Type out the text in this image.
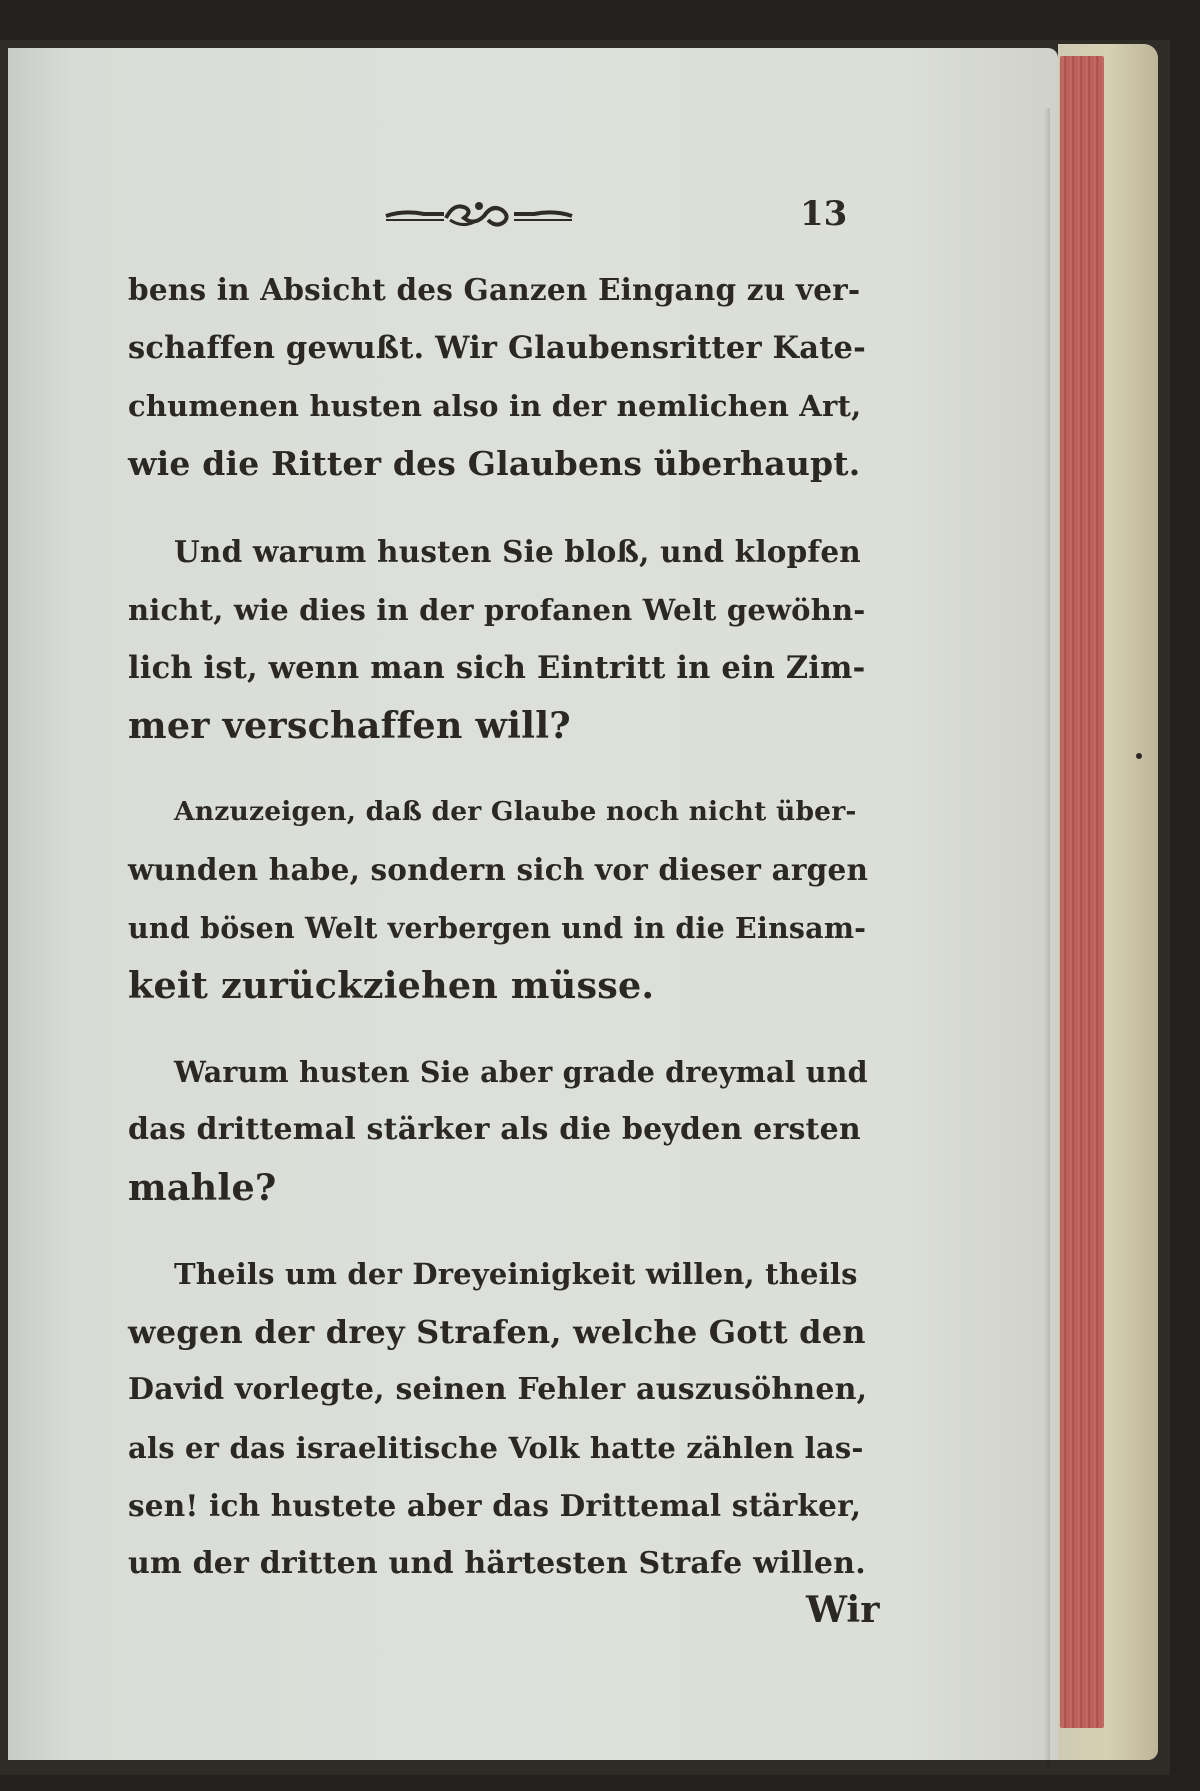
13
bens in Absicht des Ganzen Eingang zu ver-
schaffen gewußt. Wir Glaubensritter Kate-
chumenen husten also in der nemlichen Art,
wie die Ritter des Glaubens überhaupt.
Und warum husten Sie bloß, und klopfen
nicht, wie dies in der profanen Welt gewöhn-
lich ist, wenn man sich Eintritt in ein Zim-
mer verschaffen will?
Anzuzeigen, daß der Glaube noch nicht über-
wunden habe, sondern sich vor dieser argen
und bösen Welt verbergen und in die Einsam-
keit zurückziehen müsse.
Warum husten Sie aber grade dreymal und
das drittemal stärker als die beyden ersten
mahle?
Theils um der Dreyeinigkeit willen, theils
wegen der drey Strafen, welche Gott den
David vorlegte, seinen Fehler auszusöhnen,
als er das israelitische Volk hatte zählen las-
sen! ich hustete aber das Drittemal stärker,
um der dritten und härtesten Strafe willen.
Wir
